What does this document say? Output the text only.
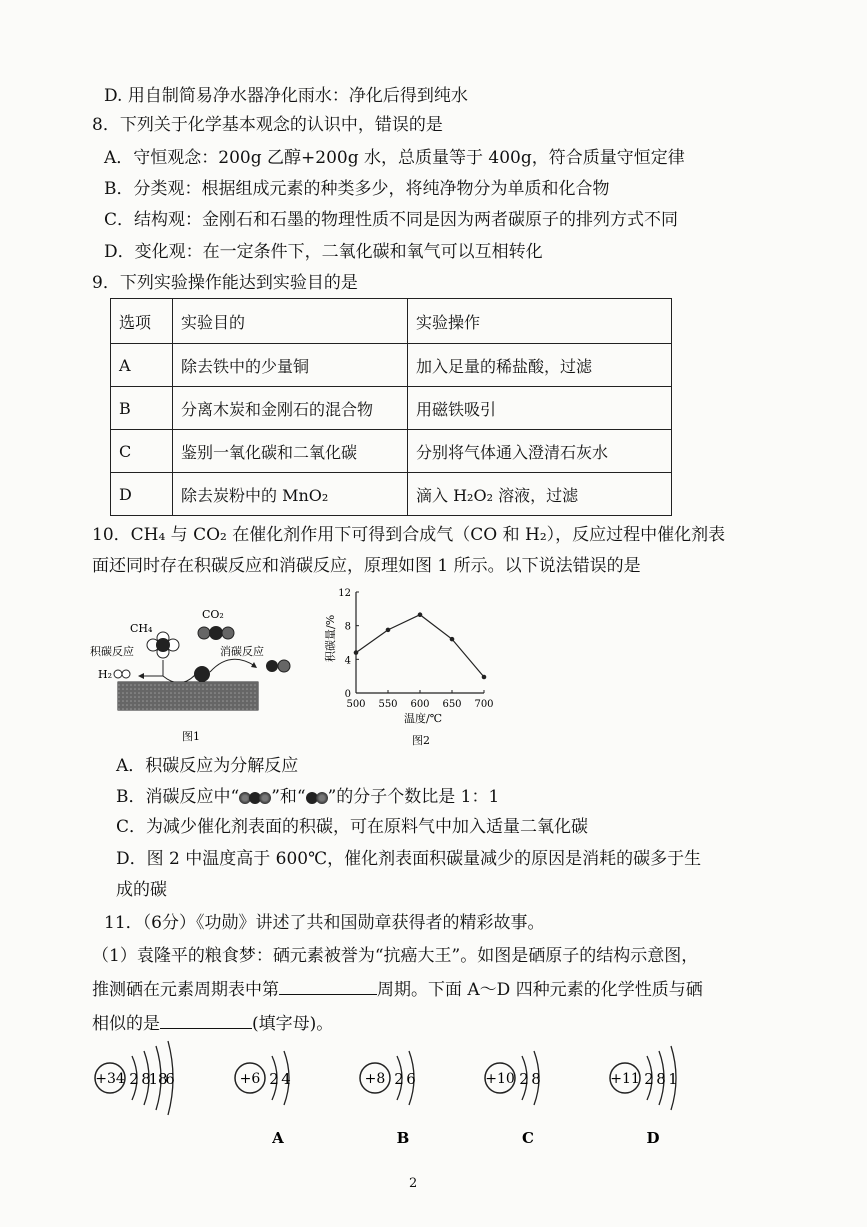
D. 用自制简易净水器净化雨水：净化后得到纯水
8．下列关于化学基本观念的认识中，错误的是
A．守恒观念：200g 乙醇+200g 水，总质量等于 400g，符合质量守恒定律
B．分类观：根据组成元素的种类多少，将纯净物分为单质和化合物
C．结构观：金刚石和石墨的物理性质不同是因为两者碳原子的排列方式不同
D．变化观：在一定条件下，二氧化碳和氧气可以互相转化
9．下列实验操作能达到实验目的是
选项	实验目的	实验操作
A	除去铁中的少量铜	加入足量的稀盐酸，过滤
B	分离木炭和金刚石的混合物	用磁铁吸引
C	鉴别一氧化碳和二氧化碳	分别将气体通入澄清石灰水
D	除去炭粉中的 MnO₂	滴入 H₂O₂ 溶液，过滤
10．CH₄ 与 CO₂ 在催化剂作用下可得到合成气（CO 和 H₂），反应过程中催化剂表
面还同时存在积碳反应和消碳反应，原理如图 1 所示。以下说法错误的是
CH₄
CO₂
积碳反应	消碳反应
H₂
图1
500 550 600 650 700
0
4
8
12
温度/℃
积碳量/%
图2
A．积碳反应为分解反应
B．消碳反应中“ ”和“ ”的分子个数比是 1：1
C．为减少催化剂表面的积碳，可在原料气中加入适量二氧化碳
D．图 2 中温度高于 600℃，催化剂表面积碳量减少的原因是消耗的碳多于生
成的碳
11．（6分）《功勋》讲述了共和国勋章获得者的精彩故事。
（1）袁隆平的粮食梦：硒元素被誉为“抗癌大王”。如图是硒原子的结构示意图，
推测硒在元素周期表中第	周期。下面 A～D 四种元素的化学性质与硒
相似的是	(填字母)。
+34 2 8
18
6	+6 2 4
A
+8 2 6
B
+10 2 8
C
+11 2 8 1
D
2
